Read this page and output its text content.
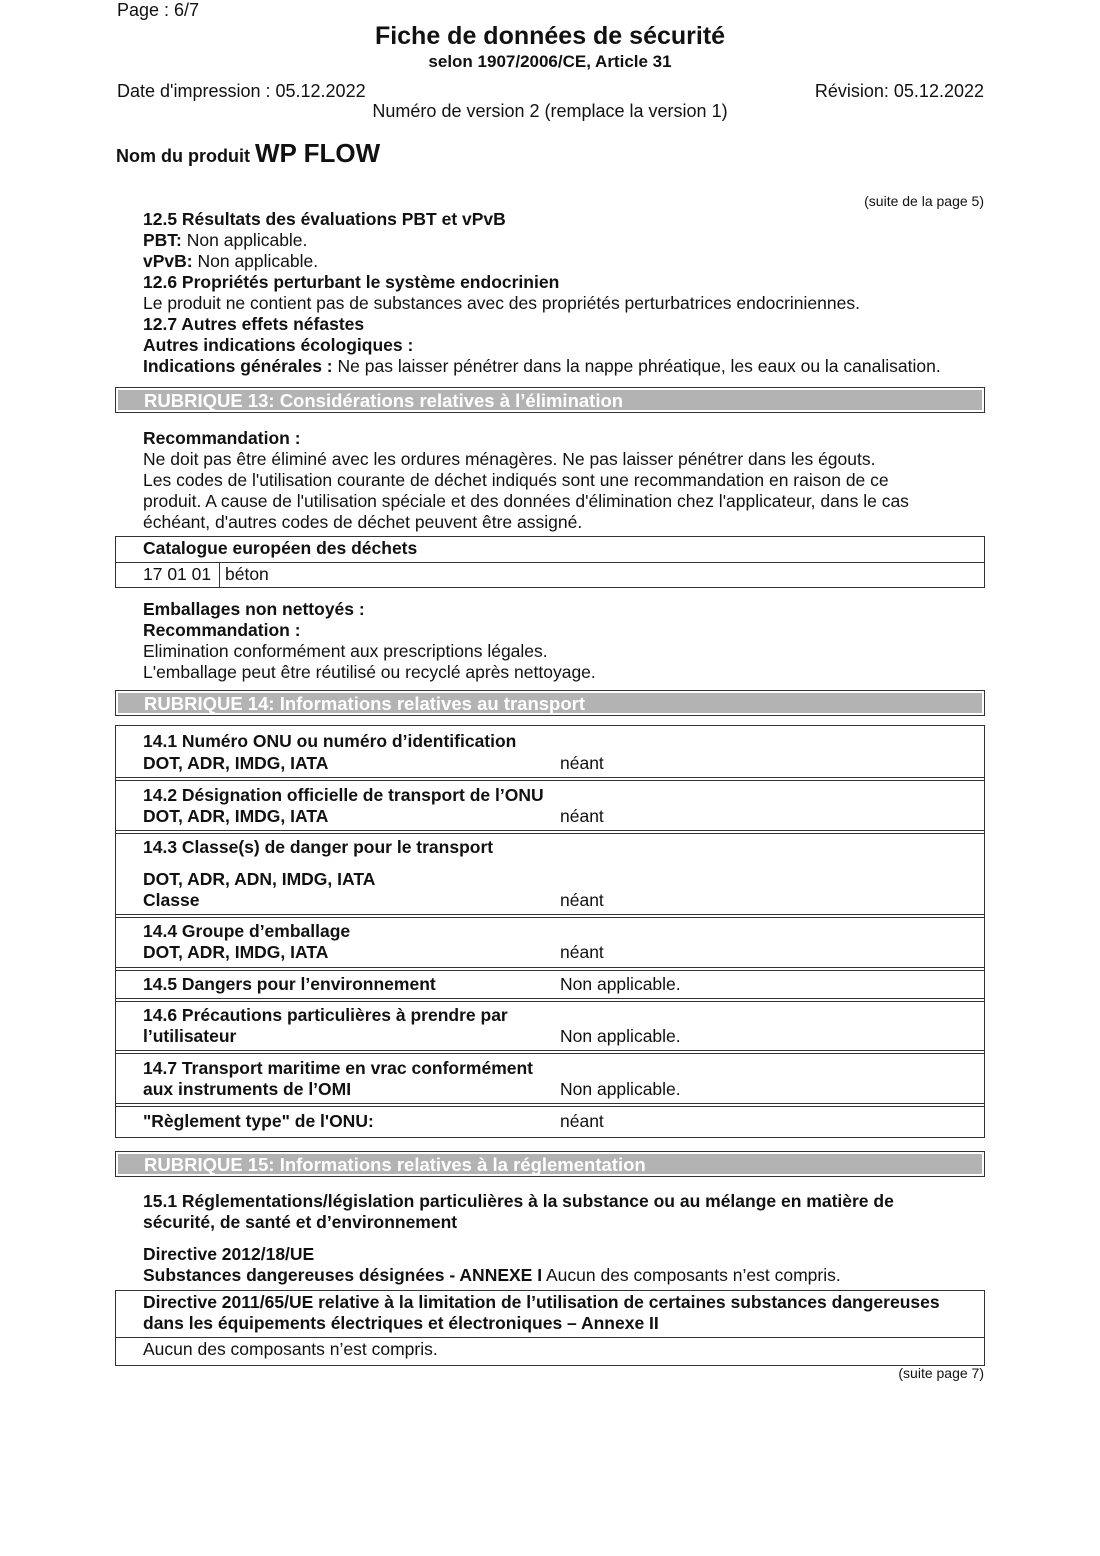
Page : 6/7
Fiche de données de sécurité
selon 1907/2006/CE, Article 31
Date d'impression : 05.12.2022	Révision: 05.12.2022
Numéro de version 2 (remplace la version 1)
Nom du produit WP FLOW
(suite de la page 5)

12.5 Résultats des évaluations PBT et vPvB

PBT: Non applicable.

vPvB: Non applicable.

12.6 Propriétés perturbant le système endocrinien

Le produit ne contient pas de substances avec des propriétés perturbatrices endocriniennes.

12.7 Autres effets néfastes

Autres indications écologiques :

Indications générales : Ne pas laisser pénétrer dans la nappe phréatique, les eaux ou la canalisation.

RUBRIQUE 13: Considérations relatives à l’élimination

Recommandation :

Ne doit pas être éliminé avec les ordures ménagères. Ne pas laisser pénétrer dans les égouts.

Les codes de l'utilisation courante de déchet indiqués sont une recommandation en raison de ce

produit. A cause de l'utilisation spéciale et des données d'élimination chez l'applicateur, dans le cas

échéant, d'autres codes de déchet peuvent être assigné.

Catalogue européen des déchets
17 01 01 béton

Emballages non nettoyés :

Recommandation :

Elimination conformément aux prescriptions légales.

L'emballage peut être réutilisé ou recyclé après nettoyage.

RUBRIQUE 14: Informations relatives au transport
14.1 Numéro ONU ou numéro d’identification
DOT, ADR, IMDG, IATA	néant
14.2 Désignation officielle de transport de l’ONU
DOT, ADR, IMDG, IATA	néant
14.3 Classe(s) de danger pour le transport
DOT, ADR, ADN, IMDG, IATA
Classe	néant
14.4 Groupe d’emballage
DOT, ADR, IMDG, IATA	néant
14.5 Dangers pour l’environnement	Non applicable.
14.6 Précautions particulières à prendre par
l’utilisateur	Non applicable.
14.7 Transport maritime en vrac conformément
aux instruments de l’OMI	Non applicable.
"Règlement type" de l'ONU:	néant
RUBRIQUE 15: Informations relatives à la réglementation

15.1 Réglementations/législation particulières à la substance ou au mélange en matière de

sécurité, de santé et d’environnement

Directive 2012/18/UE

Substances dangereuses désignées - ANNEXE I Aucun des composants n’est compris.

Directive 2011/65/UE relative à la limitation de l’utilisation de certaines substances dangereuses
dans les équipements électriques et électroniques – Annexe II
Aucun des composants n’est compris.
(suite page 7)
